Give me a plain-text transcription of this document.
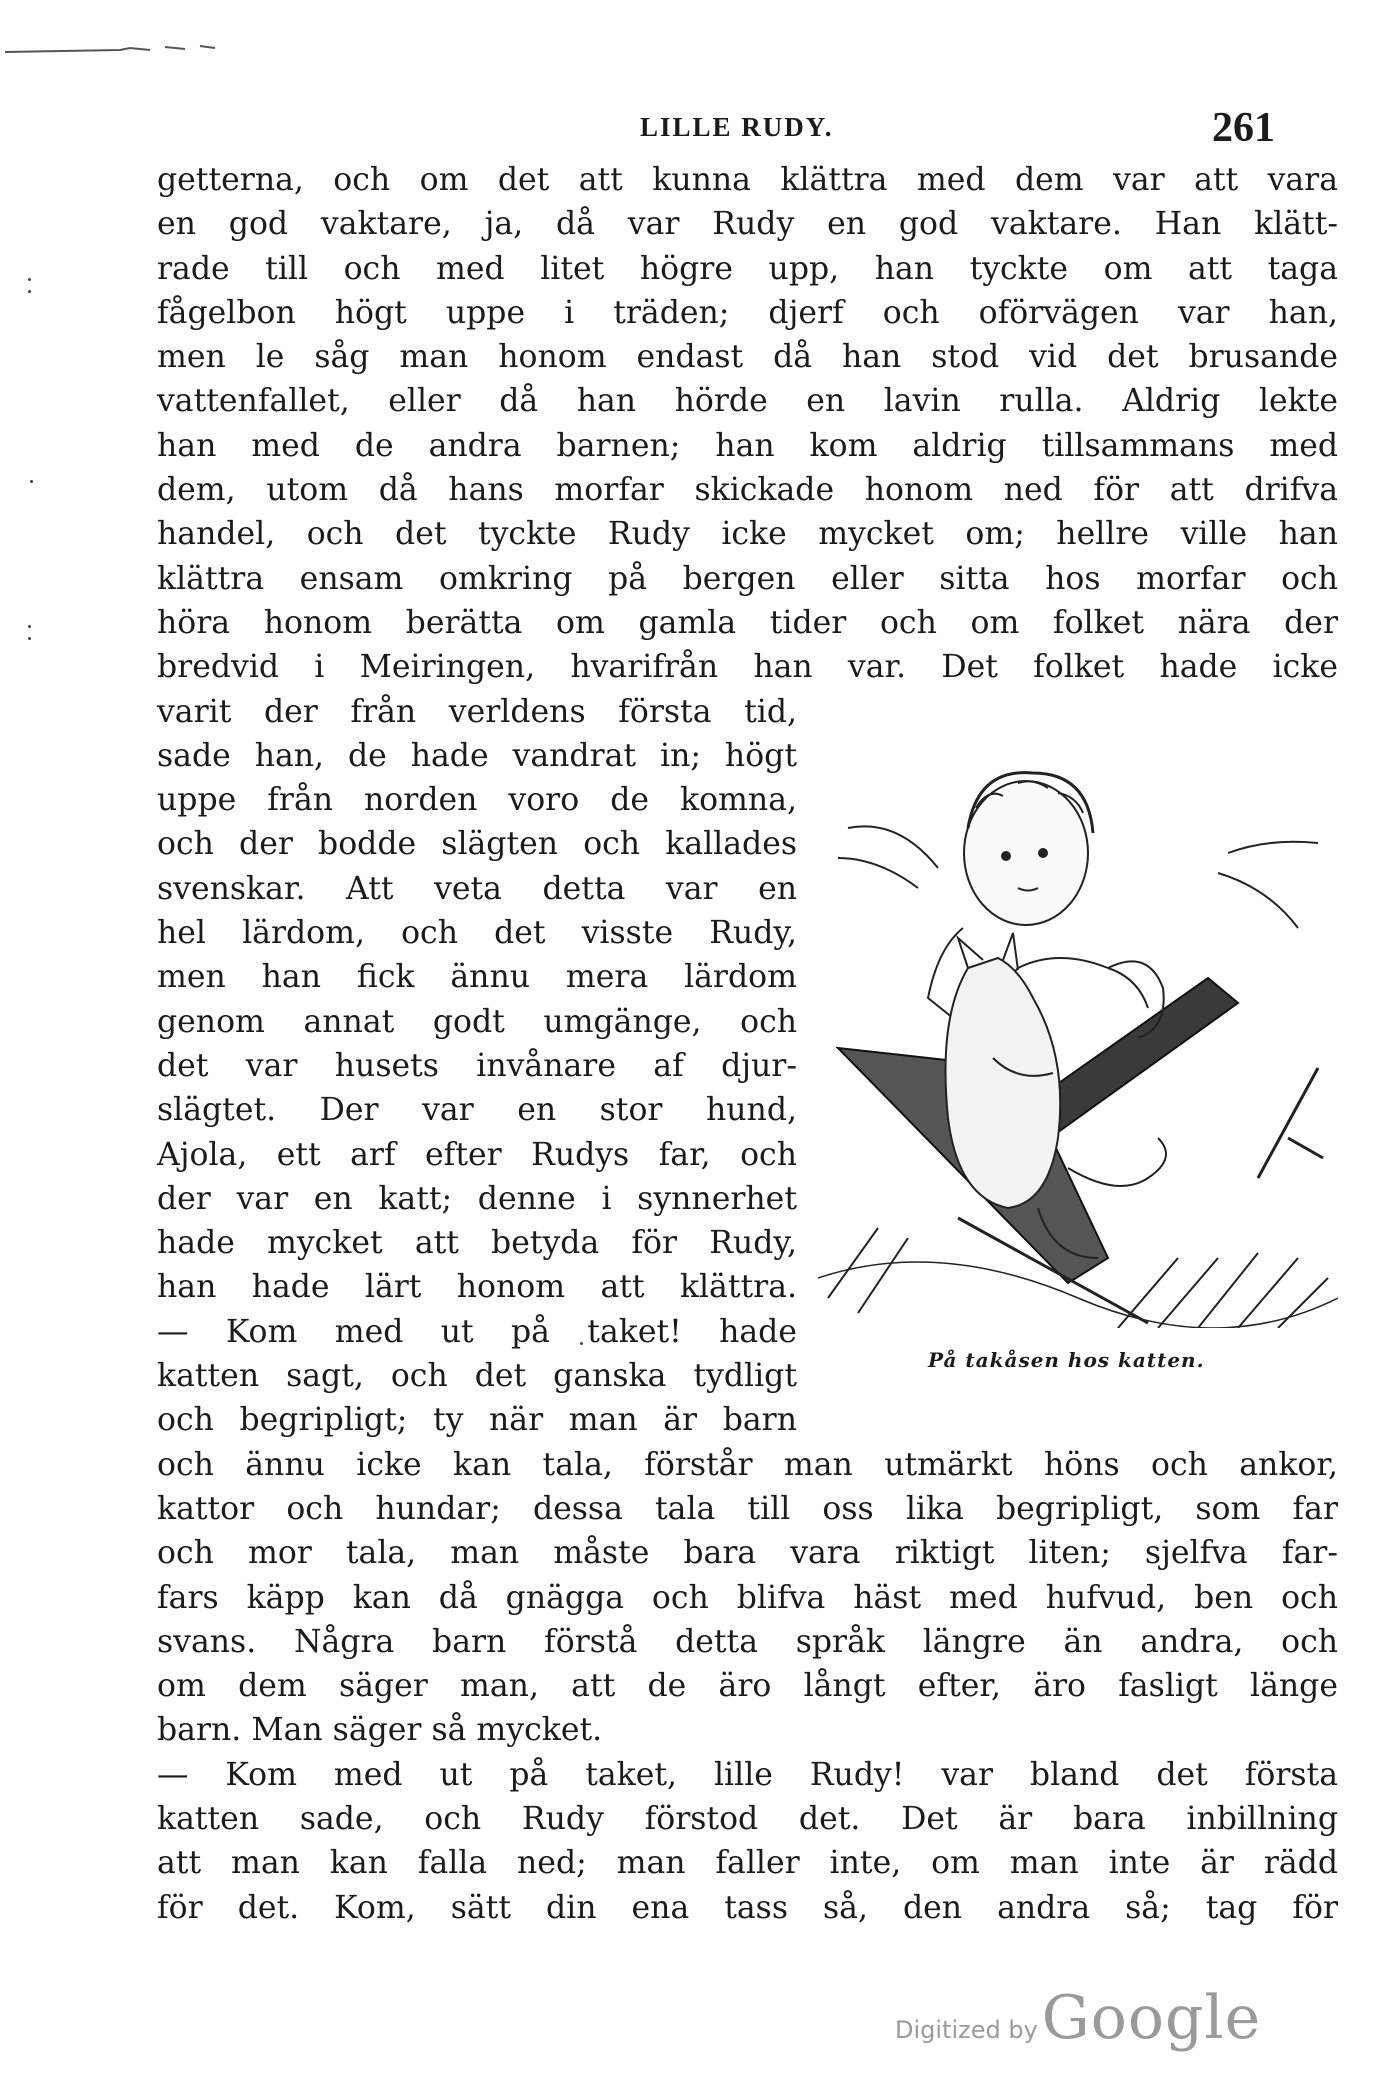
LILLE RUDY.	261
getterna, och om det att kunna klättra med dem var att vara
en god vaktare, ja, då var Rudy en god vaktare. Han klätt-
rade till och med litet högre upp, han tyckte om att taga
fågelbon högt uppe i träden; djerf och oförvägen var han,
men le såg man honom endast då han stod vid det brusande
vattenfallet, eller då han hörde en lavin rulla. Aldrig lekte
han med de andra barnen; han kom aldrig tillsammans med
dem, utom då hans morfar skickade honom ned för att drifva
handel, och det tyckte Rudy icke mycket om; hellre ville han
klättra ensam omkring på bergen eller sitta hos morfar och
höra honom berätta om gamla tider och om folket nära der
bredvid i Meiringen, hvarifrån han var. Det folket hade icke
varit der från verldens första tid,
sade han, de hade vandrat in; högt
uppe från norden voro de komna,
och der bodde slägten och kallades
svenskar. Att veta detta var en
hel lärdom, och det visste Rudy,
men han fick ännu mera lärdom
genom annat godt umgänge, och
det var husets invånare af djur-
slägtet. Der var en stor hund,
Ajola, ett arf efter Rudys far, och
der var en katt; denne i synnerhet
hade mycket att betyda för Rudy,
han hade lärt honom att klättra.
— Kom med ut på taket! hade
katten sagt, och det ganska tydligt
och begripligt; ty när man är barn
och ännu icke kan tala, förstår man utmärkt höns och ankor,
kattor och hundar; dessa tala till oss lika begripligt, som far
och mor tala, man måste bara vara riktigt liten; sjelfva far-
fars käpp kan då gnägga och blifva häst med hufvud, ben och
svans. Några barn förstå detta språk längre än andra, och
om dem säger man, att de äro långt efter, äro fasligt länge
barn. Man säger så mycket.
— Kom med ut på taket, lille Rudy! var bland det första
katten sade, och Rudy förstod det. Det är bara inbillning
att man kan falla ned; man faller inte, om man inte är rädd
för det. Kom, sätt din ena tass så, den andra så; tag för
På takåsen hos katten.
Digitized by Google
